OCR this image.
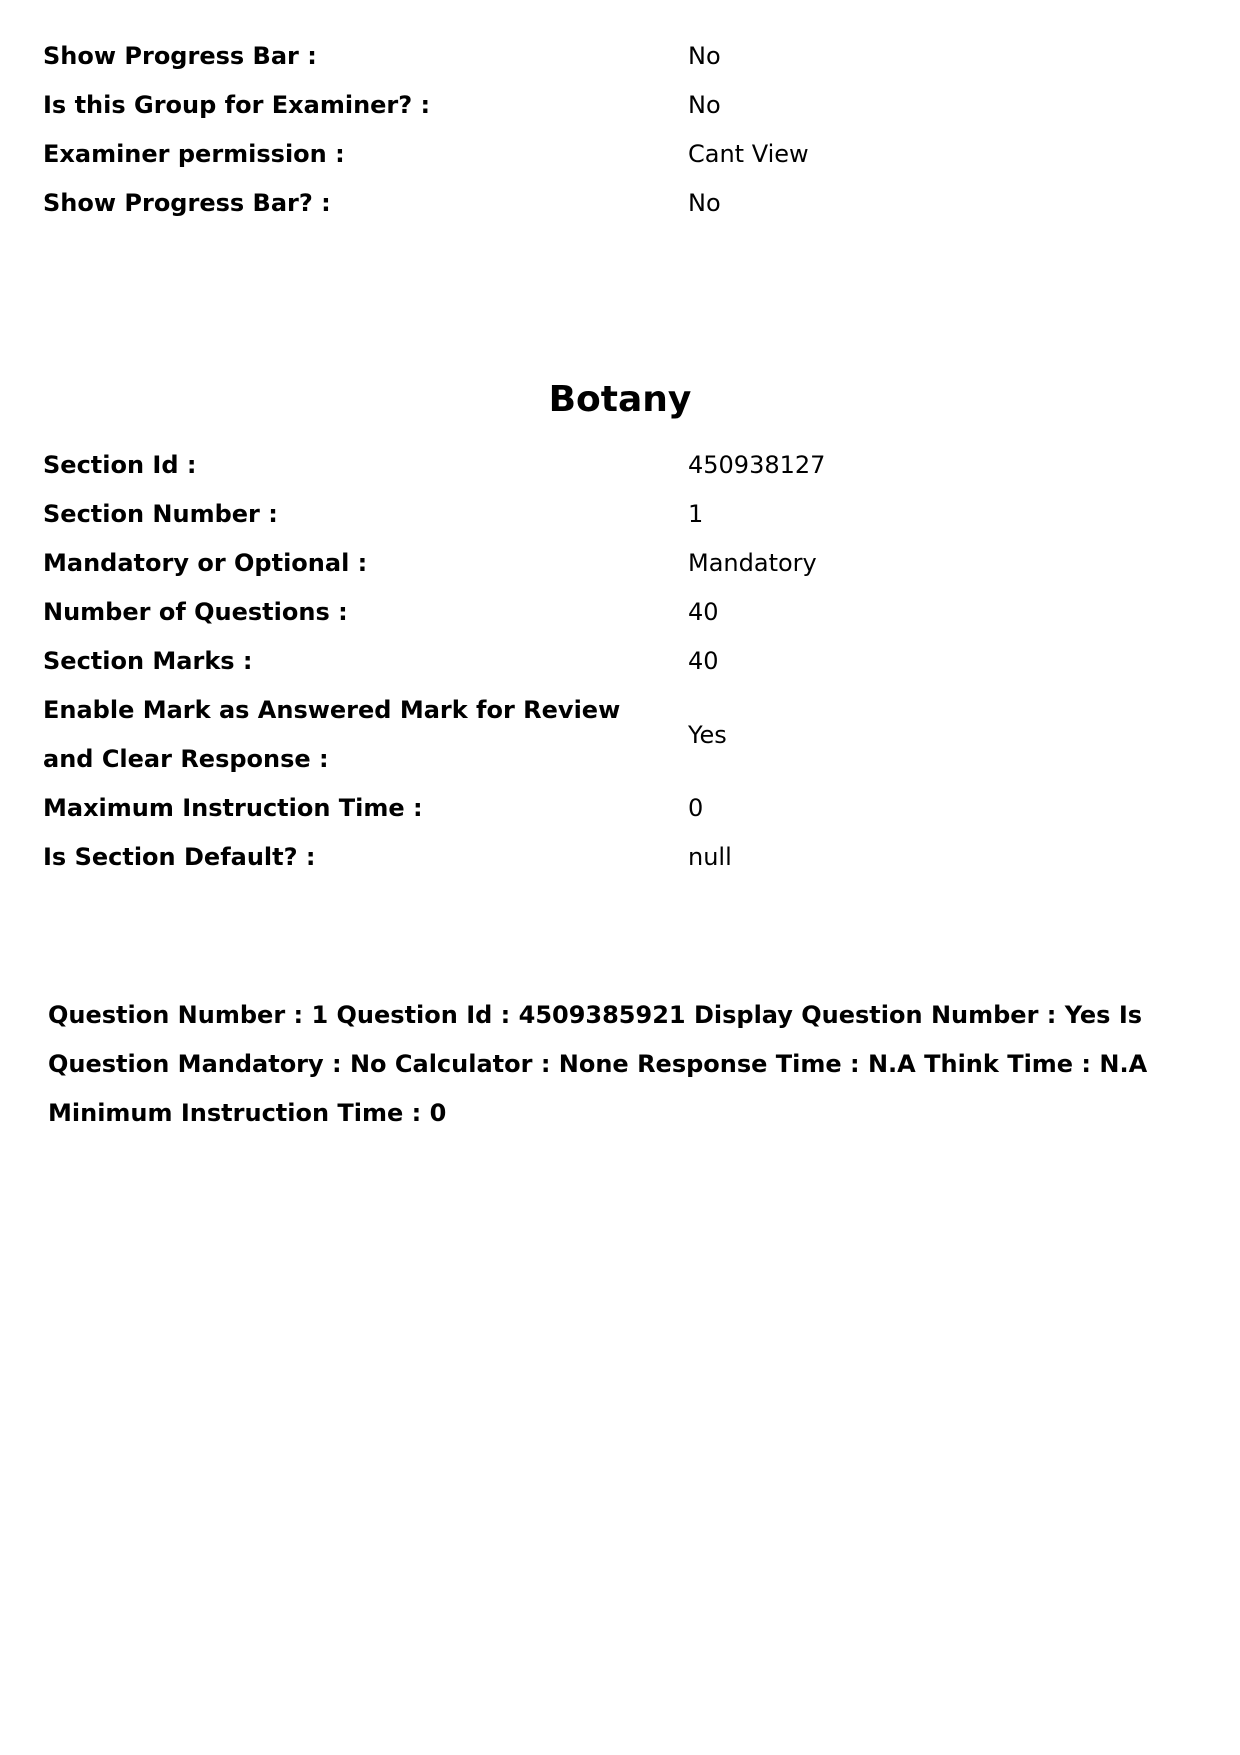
Show Progress Bar :	No
Is this Group for Examiner? :	No
Examiner permission :	Cant View
Show Progress Bar? :	No
Botany
Section Id :	450938127
Section Number :	1
Mandatory or Optional :	Mandatory
Number of Questions :	40
Section Marks :	40
Enable Mark as Answered Mark for Review and Clear Response :
Yes
Maximum Instruction Time :	0
Is Section Default? :	null
Question Number : 1 Question Id : 4509385921 Display Question Number : Yes Is Question Mandatory : No Calculator : None Response Time : N.A Think Time : N.A Minimum Instruction Time : 0
